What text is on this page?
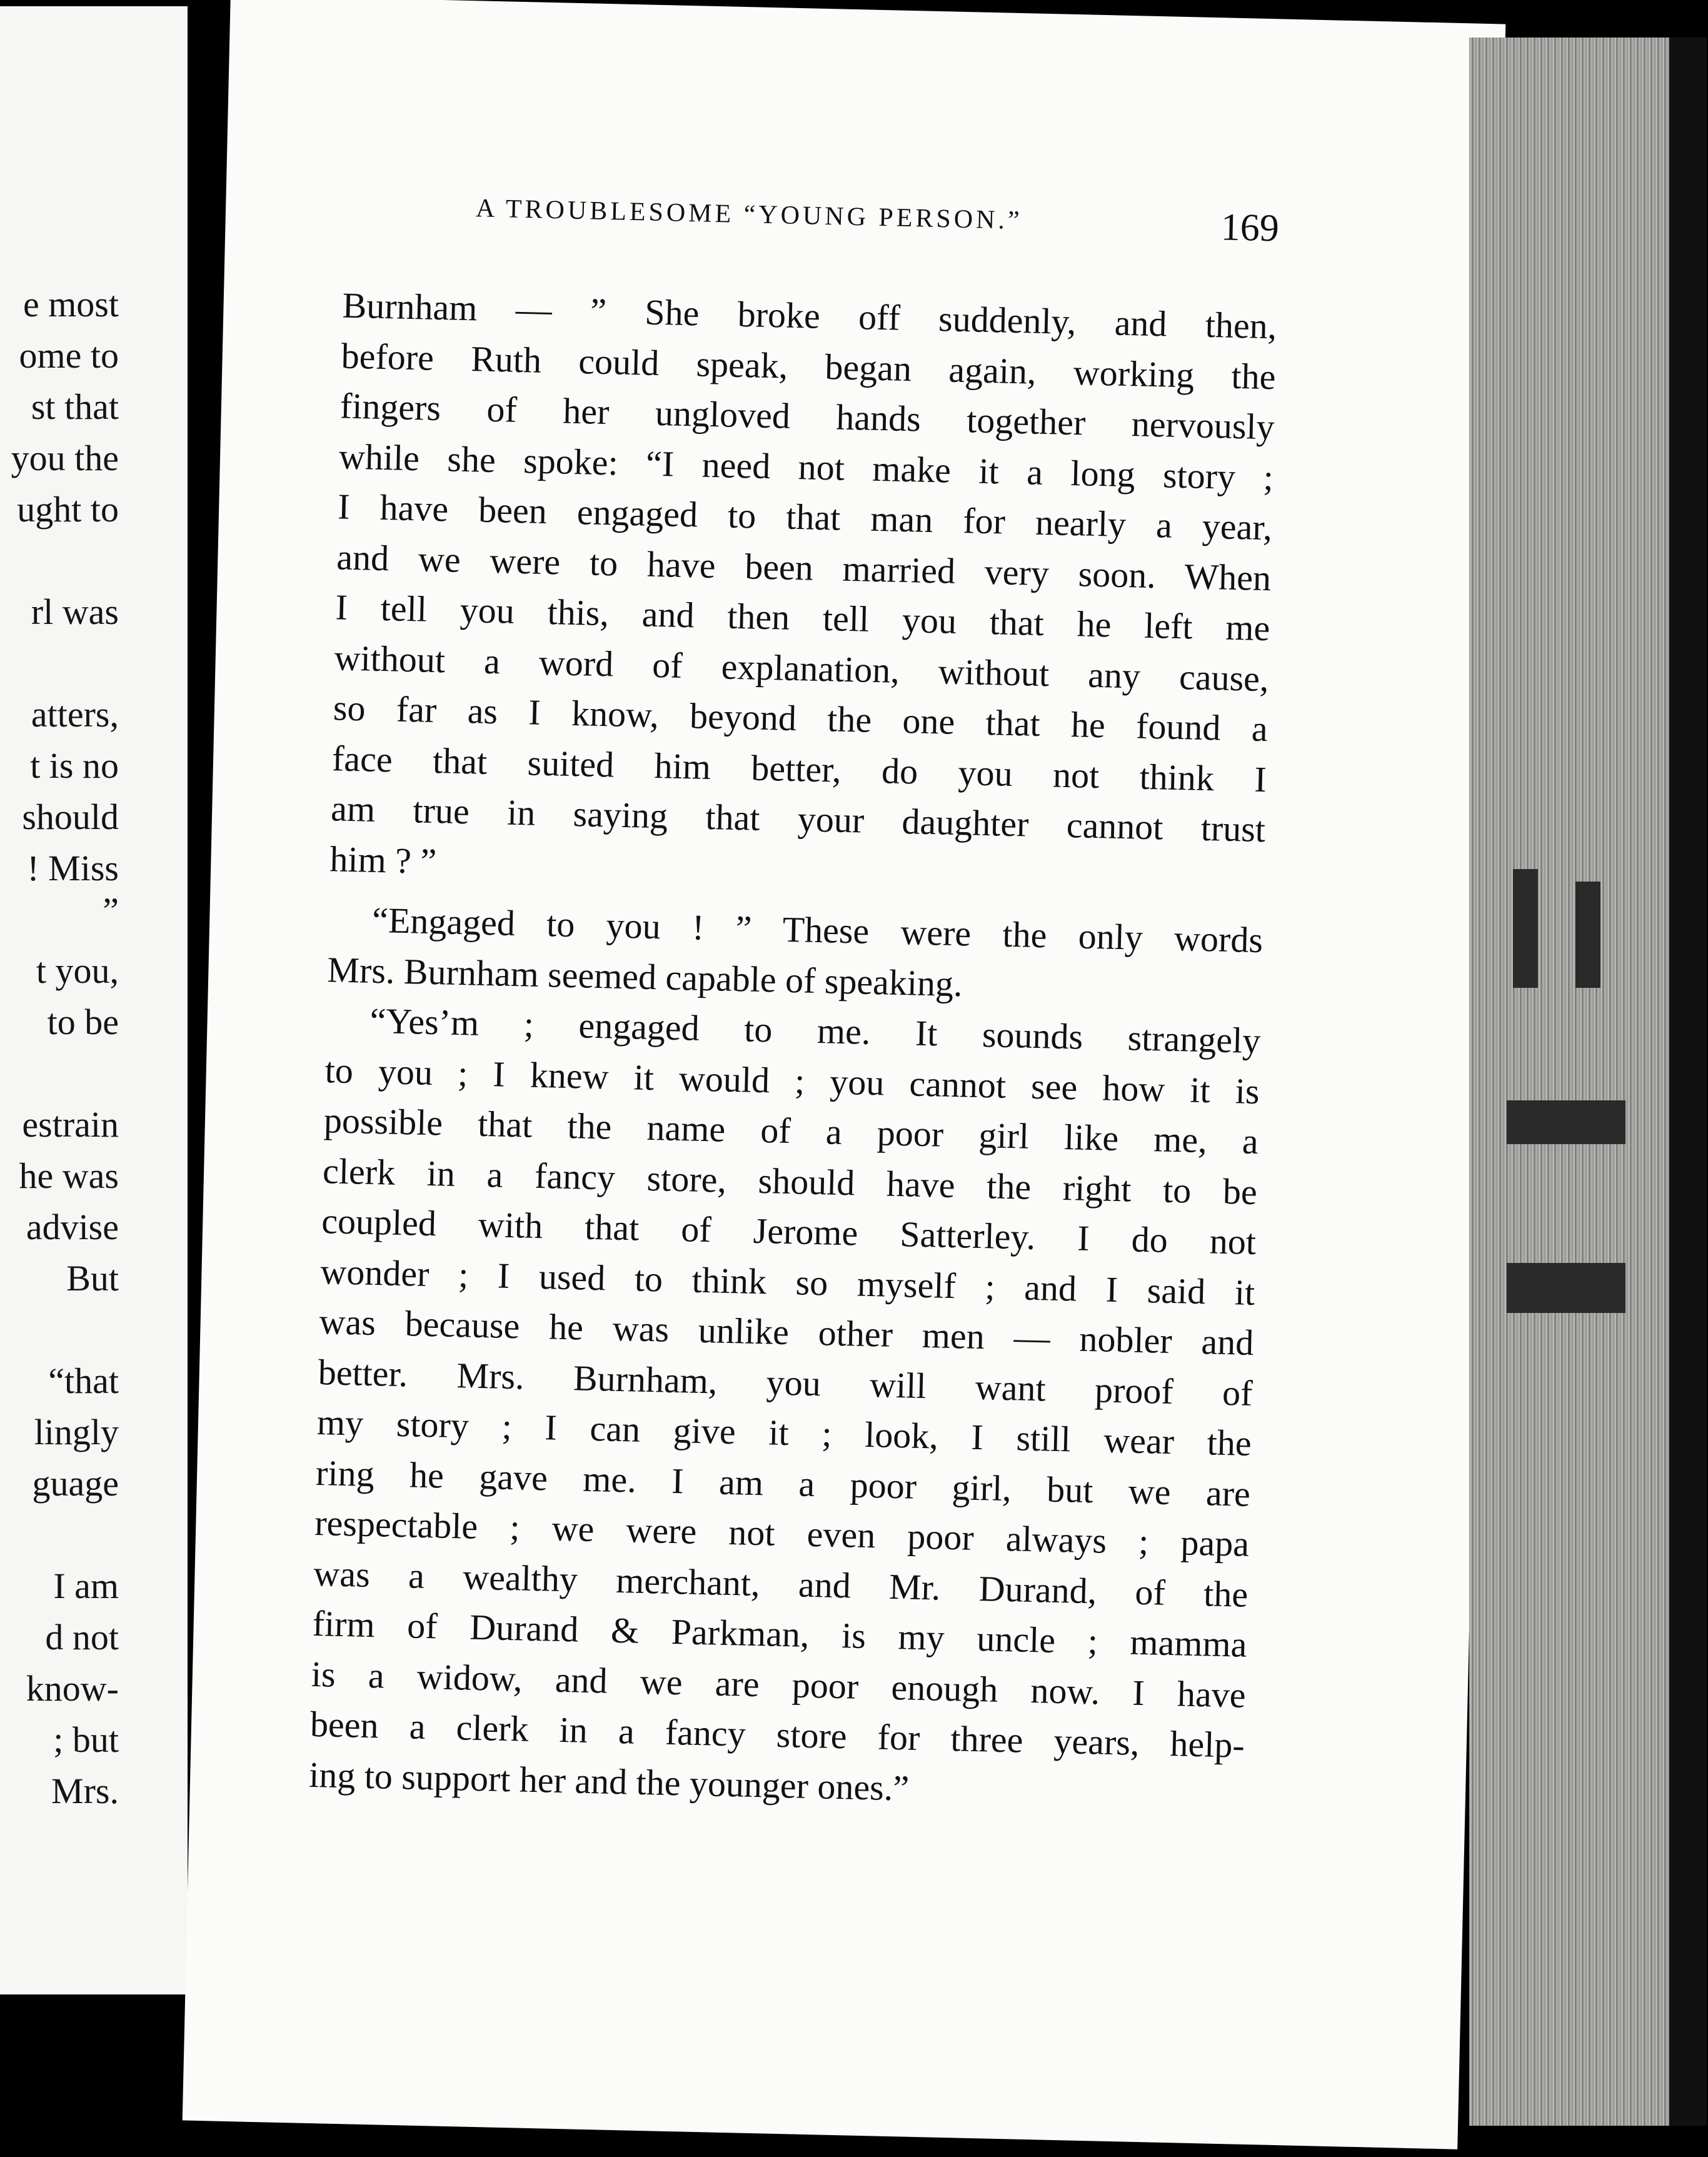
e most
ome to
st that
you the
ught to
rl was
atters,
t is no
should
! Miss
”
t you,
to be
estrain
he was
advise
But
“that
lingly
guage
I am
d not
know-
; but
Mrs.
A TROUBLESOME “YOUNG PERSON.”	169
Burnham — ” She broke off suddenly, and then,
before Ruth could speak, began again, working the
fingers of her ungloved hands together nervously
while she spoke: “I need not make it a long story ;
I have been engaged to that man for nearly a year,
and we were to have been married very soon. When
I tell you this, and then tell you that he left me
without a word of explanation, without any cause,
so far as I know, beyond the one that he found a
face that suited him better, do you not think I
am true in saying that your daughter cannot trust
him ? ”
“Engaged to you ! ” These were the only words
Mrs. Burnham seemed capable of speaking.
“Yes’m ; engaged to me. It sounds strangely
to you ; I knew it would ; you cannot see how it is
possible that the name of a poor girl like me, a
clerk in a fancy store, should have the right to be
coupled with that of Jerome Satterley. I do not
wonder ; I used to think so myself ; and I said it
was because he was unlike other men — nobler and
better. Mrs. Burnham, you will want proof of
my story ; I can give it ; look, I still wear the
ring he gave me. I am a poor girl, but we are
respectable ; we were not even poor always ; papa
was a wealthy merchant, and Mr. Durand, of the
firm of Durand & Parkman, is my uncle ; mamma
is a widow, and we are poor enough now. I have
been a clerk in a fancy store for three years, help-
ing to support her and the younger ones.”
